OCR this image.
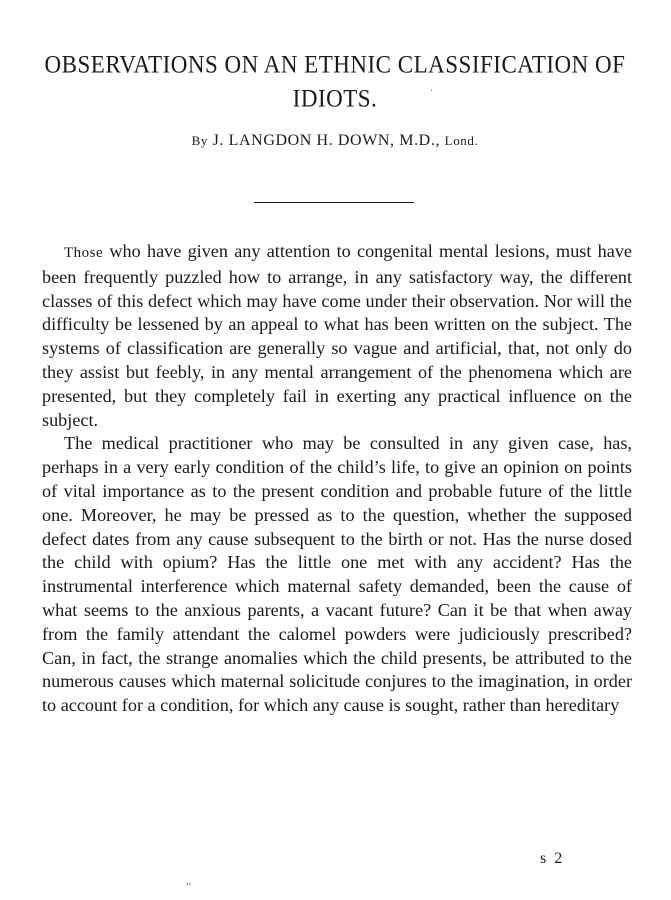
OBSERVATIONS ON AN ETHNIC CLASSIFICATION OF
IDIOTS.

By J. LANGDON H. DOWN, M.D., Lond.

Those who have given any attention to congenital mental lesions, must have been frequently puzzled how to arrange, in any satisfactory way, the different classes of this defect which may have come under their observation. Nor will the difficulty be lessened by an appeal to what has been written on the subject. The systems of classification are generally so vague and artificial, that, not only do they assist but feebly, in any mental arrangement of the phenomena which are presented, but they completely fail in exerting any practical influence on the subject.

The medical practitioner who may be consulted in any given case, has, perhaps in a very early condition of the child’s life, to give an opinion on points of vital importance as to the present condition and probable future of the little one. Moreover, he may be pressed as to the question, whether the supposed defect dates from any cause subsequent to the birth or not. Has the nurse dosed the child with opium? Has the little one met with any accident? Has the instrumental interference which maternal safety demanded, been the cause of what seems to the anxious parents, a vacant future? Can it be that when away from the family attendant the calomel powders were judiciously prescribed? Can, in fact, the strange anomalies which the child presents, be attributed to the numerous causes which maternal solicitude conjures to the imagination, in order to account for a condition, for which any cause is sought, rather than hereditary

s 2
·
,,
